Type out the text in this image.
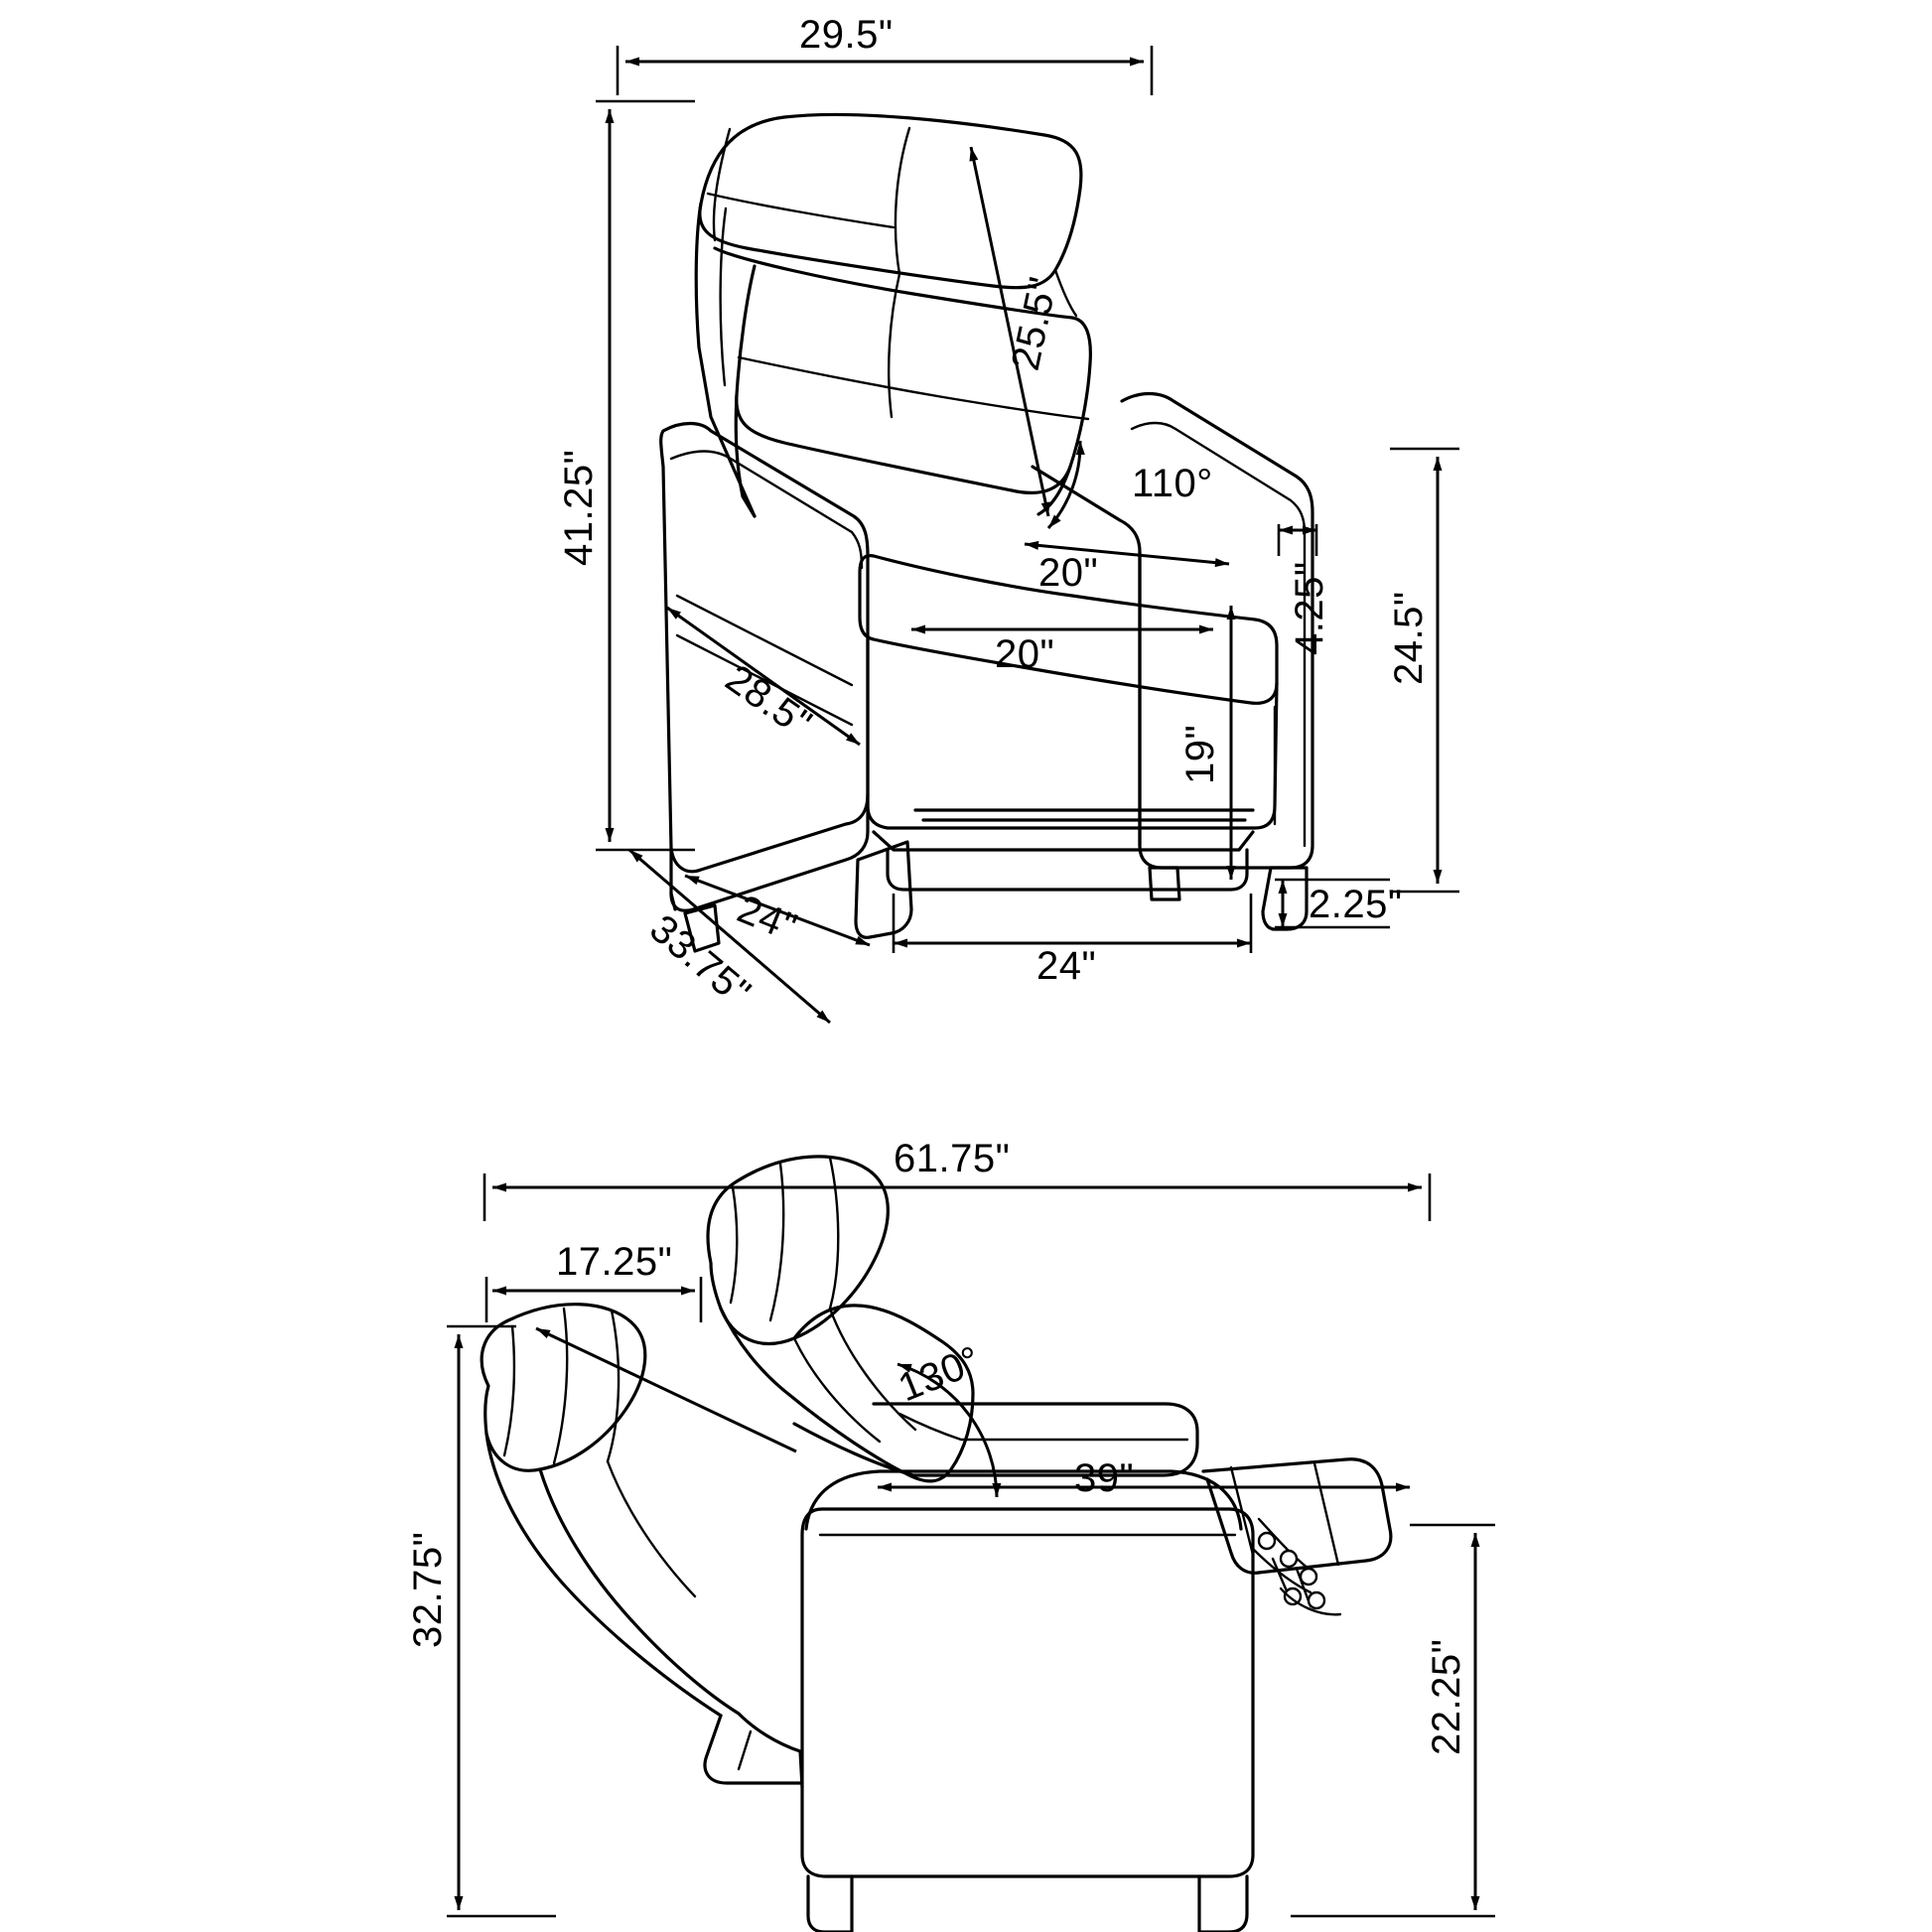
29.5"
41.25"
25.5"
110°
20"
20"	4.25" 24.5"
28.5"
19"
2.25"
33.75"
24"
24"
61.75"
17.25"
130°
39"
32.75"
22.25"
